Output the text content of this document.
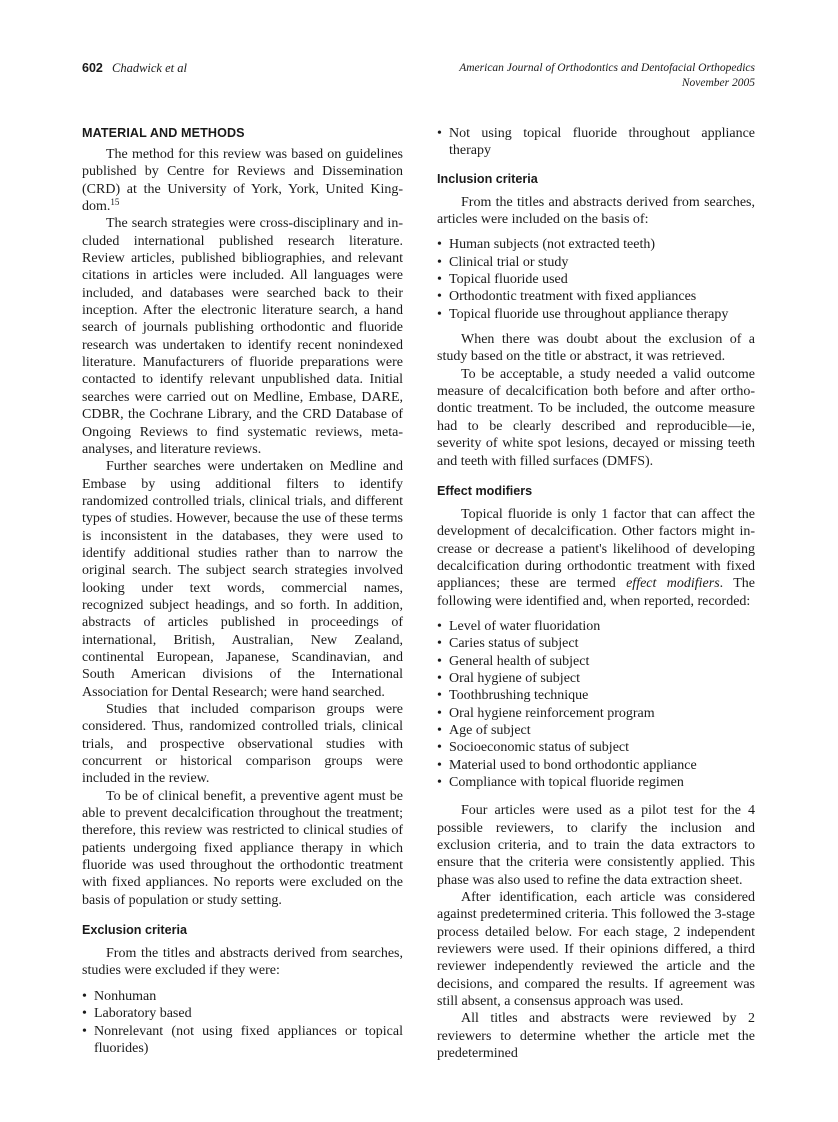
602 Chadwick et al	American Journal of Orthodontics and Dentofacial Orthopedics
November 2005
MATERIAL AND METHODS

The method for this review was based on guidelines published by Centre for Reviews and Dissemination (CRD) at the University of York, York, United Kingdom.$^{15}$

The search strategies were cross-disciplinary and included international published research literature. Review articles, published bibliographies, and relevant citations in articles were included. All languages were included, and databases were searched back to their inception. After the electronic literature search, a hand search of journals publishing orthodontic and fluoride research was undertaken to identify recent nonindexed literature. Manufacturers of fluoride preparations were contacted to identify relevant unpublished data. Initial searches were carried out on Medline, Embase, DARE, CDBR, the Cochrane Library, and the CRD Database of Ongoing Reviews to find systematic reviews, meta-analyses, and literature reviews.

Further searches were undertaken on Medline and Embase by using additional filters to identify randomized controlled trials, clinical trials, and different types of studies. However, because the use of these terms is inconsistent in the databases, they were used to identify additional studies rather than to narrow the original search. The subject search strategies involved looking under text words, commercial names, recognized subject headings, and so forth. In addition, abstracts of articles published in proceedings of international, British, Australian, New Zealand, continental European, Japanese, Scandinavian, and South American divisions of the International Association for Dental Research; were hand searched.

Studies that included comparison groups were considered. Thus, randomized controlled trials, clinical trials, and prospective observational studies with concurrent or historical comparison groups were included in the review.

To be of clinical benefit, a preventive agent must be able to prevent decalcification throughout the treatment; therefore, this review was restricted to clinical studies of patients undergoing fixed appliance therapy in which fluoride was used throughout the orthodontic treatment with fixed appliances. No reports were excluded on the basis of population or study setting.

Exclusion criteria

From the titles and abstracts derived from searches, studies were excluded if they were:

• Nonhuman
• Laboratory based
• Nonrelevant (not using fixed appliances or topical fluorides)
• Not using topical fluoride throughout appliance therapy
Inclusion criteria

From the titles and abstracts derived from searches, articles were included on the basis of:

• Human subjects (not extracted teeth)
• Clinical trial or study
• Topical fluoride used
• Orthodontic treatment with fixed appliances
• Topical fluoride use throughout appliance therapy

When there was doubt about the exclusion of a study based on the title or abstract, it was retrieved.

To be acceptable, a study needed a valid outcome measure of decalcification both before and after orthodontic treatment. To be included, the outcome measure had to be clearly described and reproducible—ie, severity of white spot lesions, decayed or missing teeth and teeth with filled surfaces (DMFS).

Effect modifiers

Topical fluoride is only 1 factor that can affect the development of decalcification. Other factors might increase or decrease a patient's likelihood of developing decalcification during orthodontic treatment with fixed appliances; these are termed effect modifiers. The following were identified and, when reported, recorded:

• Level of water fluoridation
• Caries status of subject
• General health of subject
• Oral hygiene of subject
• Toothbrushing technique
• Oral hygiene reinforcement program
• Age of subject
• Socioeconomic status of subject
• Material used to bond orthodontic appliance
• Compliance with topical fluoride regimen

Four articles were used as a pilot test for the 4 possible reviewers, to clarify the inclusion and exclusion criteria, and to train the data extractors to ensure that the criteria were consistently applied. This phase was also used to refine the data extraction sheet.

After identification, each article was considered against predetermined criteria. This followed the 3-stage process detailed below. For each stage, 2 independent reviewers were used. If their opinions differed, a third reviewer independently reviewed the article and the decisions, and compared the results. If agreement was still absent, a consensus approach was used.

All titles and abstracts were reviewed by 2 reviewers to determine whether the article met the predetermined
